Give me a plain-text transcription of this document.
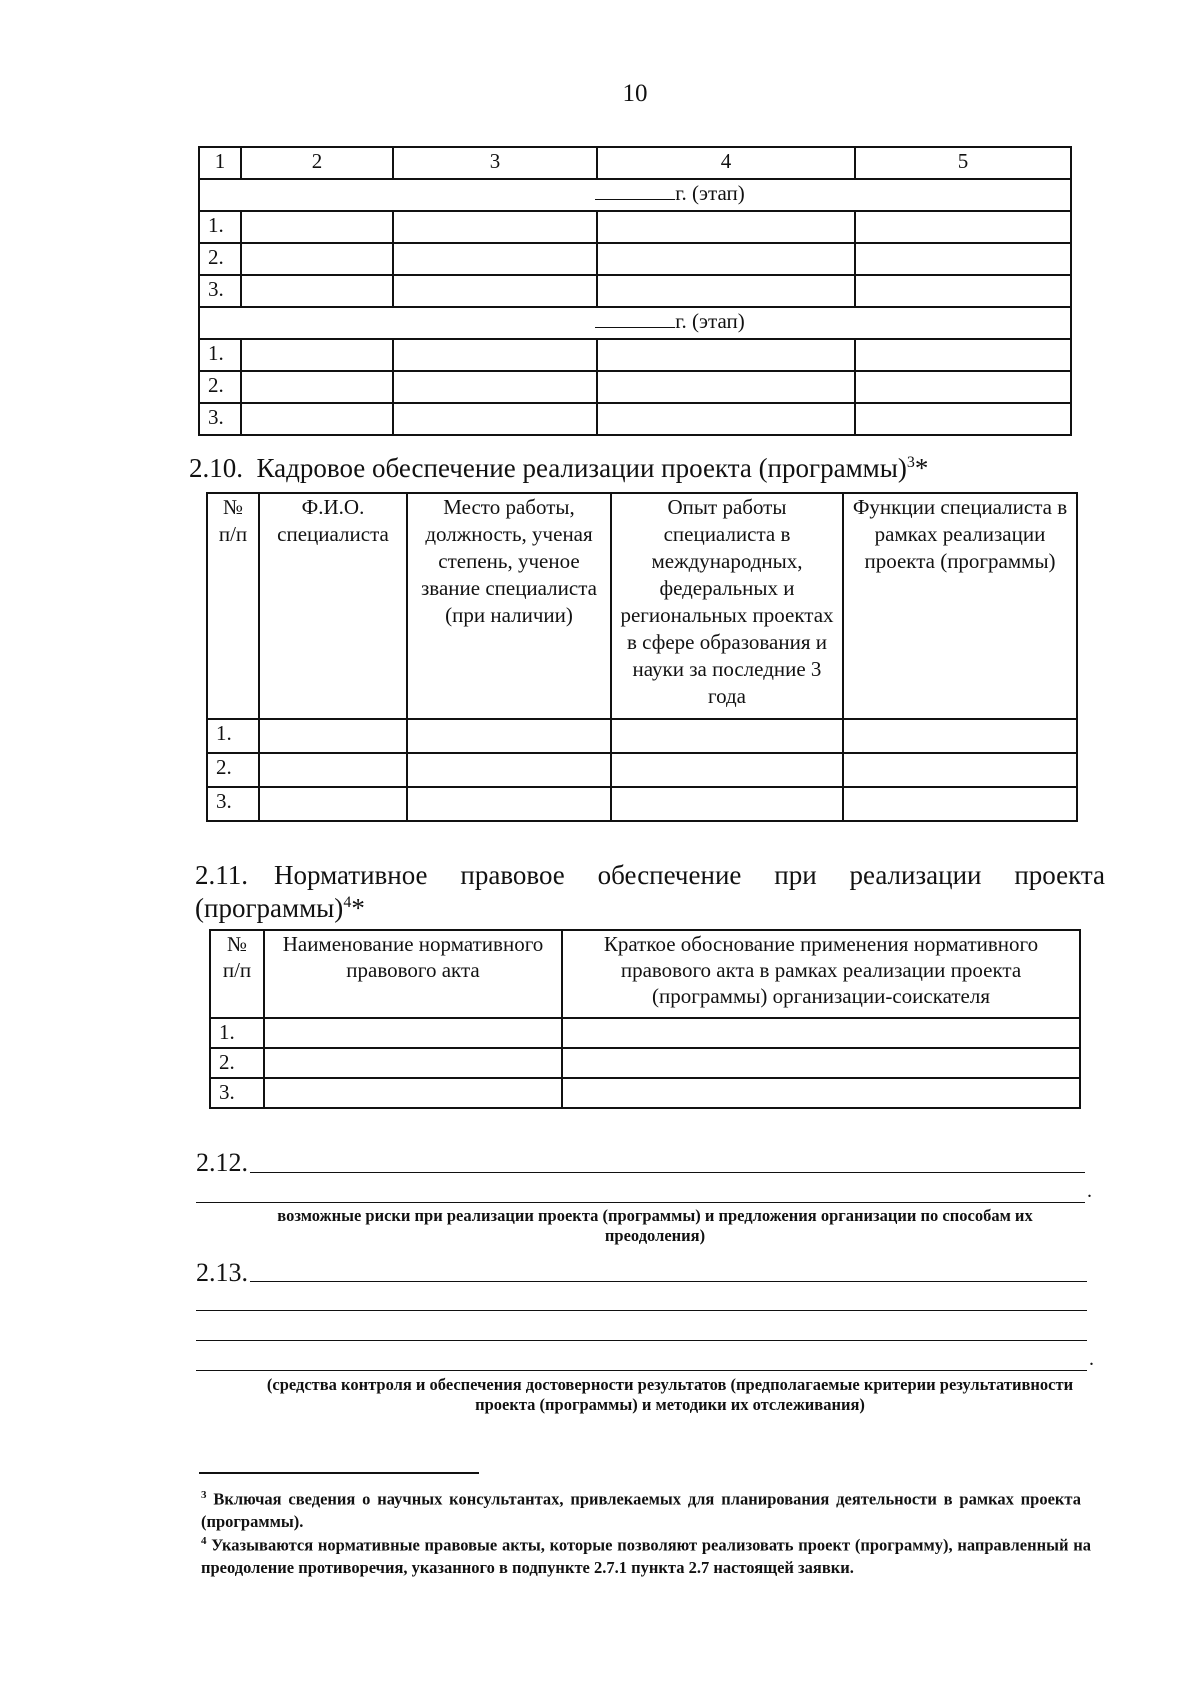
10
1	2	3	4	5
г. (этап)				
1.				
2.				
3.				
г. (этап)				
1.				
2.				
3.				
2.10. Кадровое обеспечение реализации проекта (программы)$^3$*
№ п/п	Ф.И.О. специалиста	Место работы, должность, ученая степень, ученое звание специалиста (при наличии)	Опыт работы специалиста в международных, федеральных и региональных проектах в сфере образования и науки за последние 3 года	Функции специалиста в рамках реализации проекта (программы)
1.				
2.				
3.				
2.11. Нормативное правовое обеспечение при реализации проекта
(программы)$^4$*
№ п/п	Наименование нормативного правового акта	Краткое обоснование применения нормативного правового акта в рамках реализации проекта (программы) организации-соискателя
1.		
2.		
3.		
2.12.
.
возможные риски при реализации проекта (программы) и предложения организации по способам их преодоления)
2.13.
.
(средства контроля и обеспечения достоверности результатов (предполагаемые критерии результативности проекта (программы) и методики их отслеживания)
$^3$ Включая сведения о научных консультантах, привлекаемых для планирования деятельности в рамках проекта (программы).
$^4$ Указываются нормативные правовые акты, которые позволяют реализовать проект (программу), направленный на преодоление противоречия, указанного в подпункте 2.7.1 пункта 2.7 настоящей заявки.
